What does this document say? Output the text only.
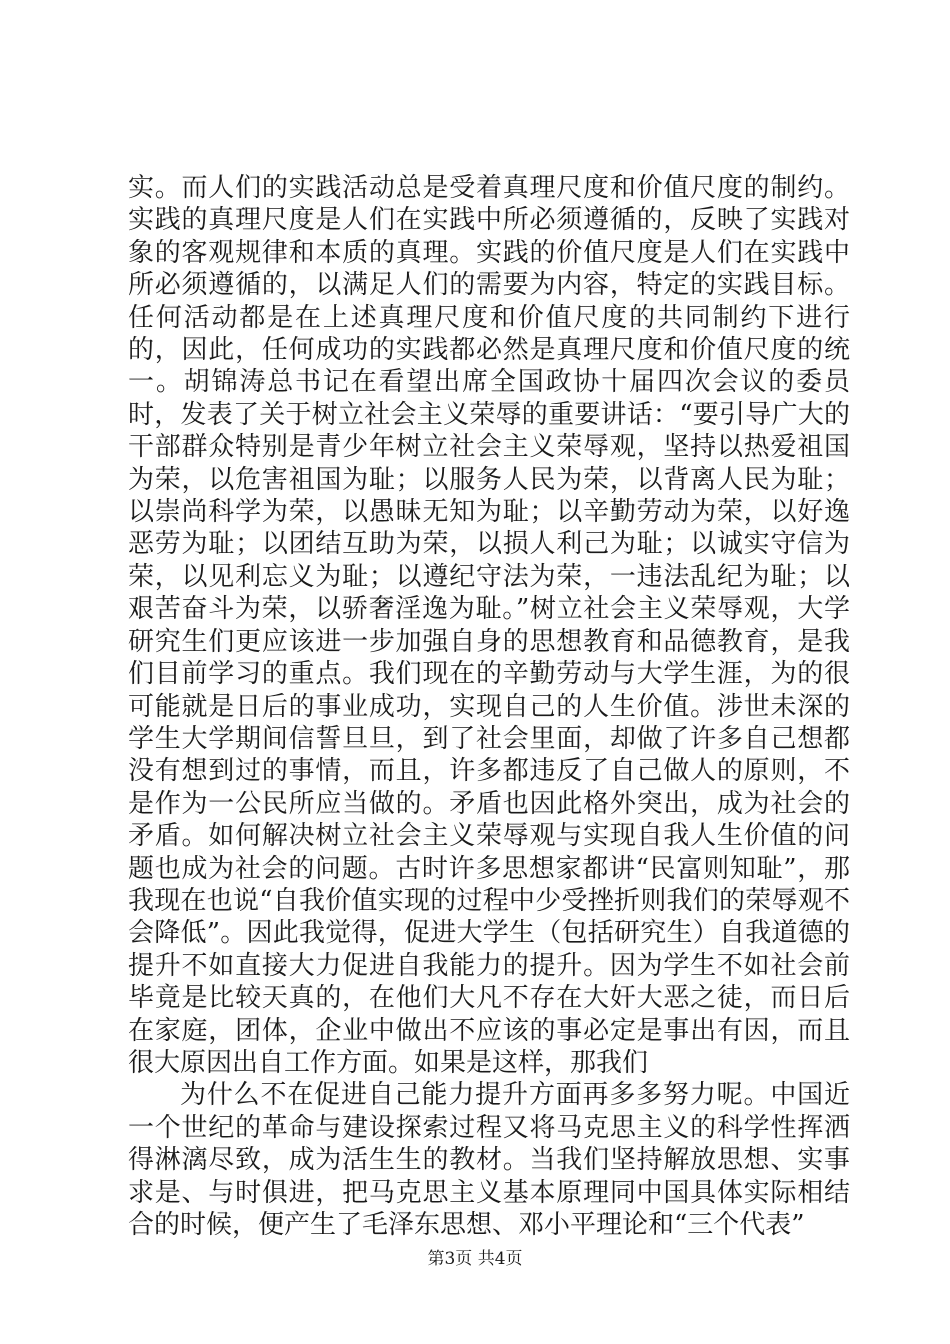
实。而人们的实践活动总是受着真理尺度和价值尺度的制约。实践的真理尺度是人们在实践中所必须遵循的，反映了实践对象的客观规律和本质的真理。实践的价值尺度是人们在实践中所必须遵循的，以满足人们的需要为内容，特定的实践目标。任何活动都是在上述真理尺度和价值尺度的共同制约下进行的，因此，任何成功的实践都必然是真理尺度和价值尺度的统一。胡锦涛总书记在看望出席全国政协十届四次会议的委员时，发表了关于树立社会主义荣辱的重要讲话：“要引导广大的干部群众特别是青少年树立社会主义荣辱观，坚持以热爱祖国为荣，以危害祖国为耻；以服务人民为荣，以背离人民为耻；以崇尚科学为荣，以愚昧无知为耻；以辛勤劳动为荣，以好逸恶劳为耻；以团结互助为荣，以损人利己为耻；以诚实守信为荣，以见利忘义为耻；以遵纪守法为荣，一违法乱纪为耻；以艰苦奋斗为荣，以骄奢淫逸为耻。”树立社会主义荣辱观，大学研究生们更应该进一步加强自身的思想教育和品德教育，是我们目前学习的重点。我们现在的辛勤劳动与大学生涯，为的很可能就是日后的事业成功，实现自己的人生价值。涉世未深的学生大学期间信誓旦旦，到了社会里面，却做了许多自己想都没有想到过的事情，而且，许多都违反了自己做人的原则，不是作为一公民所应当做的。矛盾也因此格外突出，成为社会的矛盾。如何解决树立社会主义荣辱观与实现自我人生价值的问题也成为社会的问题。古时许多思想家都讲“民富则知耻”，那我现在也说“自我价值实现的过程中少受挫折则我们的荣辱观不会降低”。因此我觉得，促进大学生（包括研究生）自我道德的提升不如直接大力促进自我能力的提升。因为学生不如社会前毕竟是比较天真的，在他们大凡不存在大奸大恶之徒，而日后在家庭，团体，企业中做出不应该的事必定是事出有因，而且很大原因出自工作方面。如果是这样，那我们

为什么不在促进自己能力提升方面再多多努力呢。中国近一个世纪的革命与建设探索过程又将马克思主义的科学性挥洒得淋漓尽致，成为活生生的教材。当我们坚持解放思想、实事求是、与时俱进，把马克思主义基本原理同中国具体实际相结合的时候，便产生了毛泽东思想、邓小平理论和“三个代表”

第3页 共4页
